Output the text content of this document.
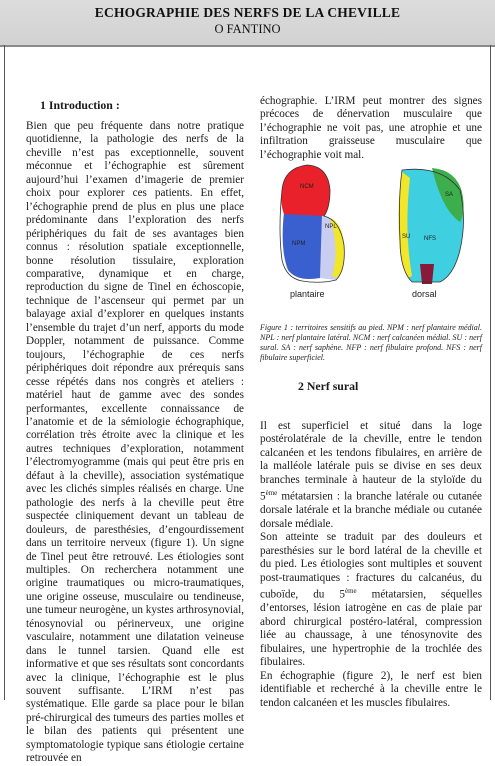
ECHOGRAPHIE DES NERFS DE LA CHEVILLE
O FANTINO
1 Introduction :

Bien que peu fréquente dans notre pratique quotidienne, la pathologie des nerfs de la cheville n’est pas exceptionnelle, souvent méconnue et l’échographie est sûrement aujourd’hui l’examen d’imagerie de premier choix pour explorer ces patients. En effet, l’échographie prend de plus en plus une place prédominante dans l’exploration des nerfs périphériques du fait de ses avantages bien connus : résolution spatiale exceptionnelle, bonne résolution tissulaire, exploration comparative, dynamique et en charge, reproduction du signe de Tinel en échoscopie, technique de l’ascenseur qui permet par un balayage axial d’explorer en quelques instants l’ensemble du trajet d’un nerf, apports du mode Doppler, notamment de puissance. Comme toujours, l’échographie de ces nerfs périphériques doit répondre aux prérequis sans cesse répétés dans nos congrès et ateliers : matériel haut de gamme avec des sondes performantes, excellente connaissance de l’anatomie et de la sémiologie échographique, corrélation très étroite avec la clinique et les autres techniques d’exploration, notamment l’électromyogramme (mais qui peut être pris en défaut à la cheville), association systématique avec les clichés simples réalisés en charge. Une pathologie des nerfs à la cheville peut être suspectée cliniquement devant un tableau de douleurs, de paresthésies, d’engourdissement dans un territoire nerveux (figure 1). Un signe de Tinel peut être retrouvé. Les étiologies sont multiples. On recherchera notamment une origine traumatiques ou micro-traumatiques, une origine osseuse, musculaire ou tendineuse, une tumeur neurogène, un kystes arthrosynovial, ténosynovial ou périnerveux, une origine vasculaire, notamment une dilatation veineuse dans le tunnel tarsien. Quand elle est informative et que ses résultats sont concordants avec la clinique, l’échographie est le plus souvent suffisante. L’IRM n’est pas systématique. Elle garde sa place pour le bilan pré-chirurgical des tumeurs des parties molles et le bilan des patients qui présentent une symptomatologie typique sans étiologie certaine retrouvée en

échographie. L’IRM peut montrer des signes précoces de dénervation musculaire que l’échographie ne voit pas, une atrophie et une infiltration graisseuse musculaire que l’échographie voit mal.

NCM
NPL
NPM
plantaire
SA
SU NFS
dorsal
Figure 1 : territoires sensitifs au pied. NPM : nerf plantaire médial. NPL : nerf plantaire latéral. NCM : nerf calcanéen médial. SU : nerf sural. SA : nerf saphène. NFP : nerf fibulaire profond. NFS : nerf fibulaire superficiel.
2 Nerf sural

Il est superficiel et situé dans la loge postérolatérale de la cheville, entre le tendon calcanéen et les tendons fibulaires, en arrière de la malléole latérale puis se divise en ses deux branches terminale à hauteur de la styloïde du 5ème métatarsien : la branche latérale ou cutanée dorsale latérale et la branche médiale ou cutanée dorsale médiale.

Son atteinte se traduit par des douleurs et paresthésies sur le bord latéral de la cheville et du pied. Les étiologies sont multiples et souvent post-traumatiques : fractures du calcanéus, du cuboïde, du 5ème métatarsien, séquelles d’entorses, lésion iatrogène en cas de plaie par abord chirurgical postéro-latéral, compression liée au chaussage, à une ténosynovite des fibulaires, une hypertrophie de la trochlée des fibulaires.

En échographie (figure 2), le nerf est bien identifiable et recherché à la cheville entre le tendon calcanéen et les muscles fibulaires.
